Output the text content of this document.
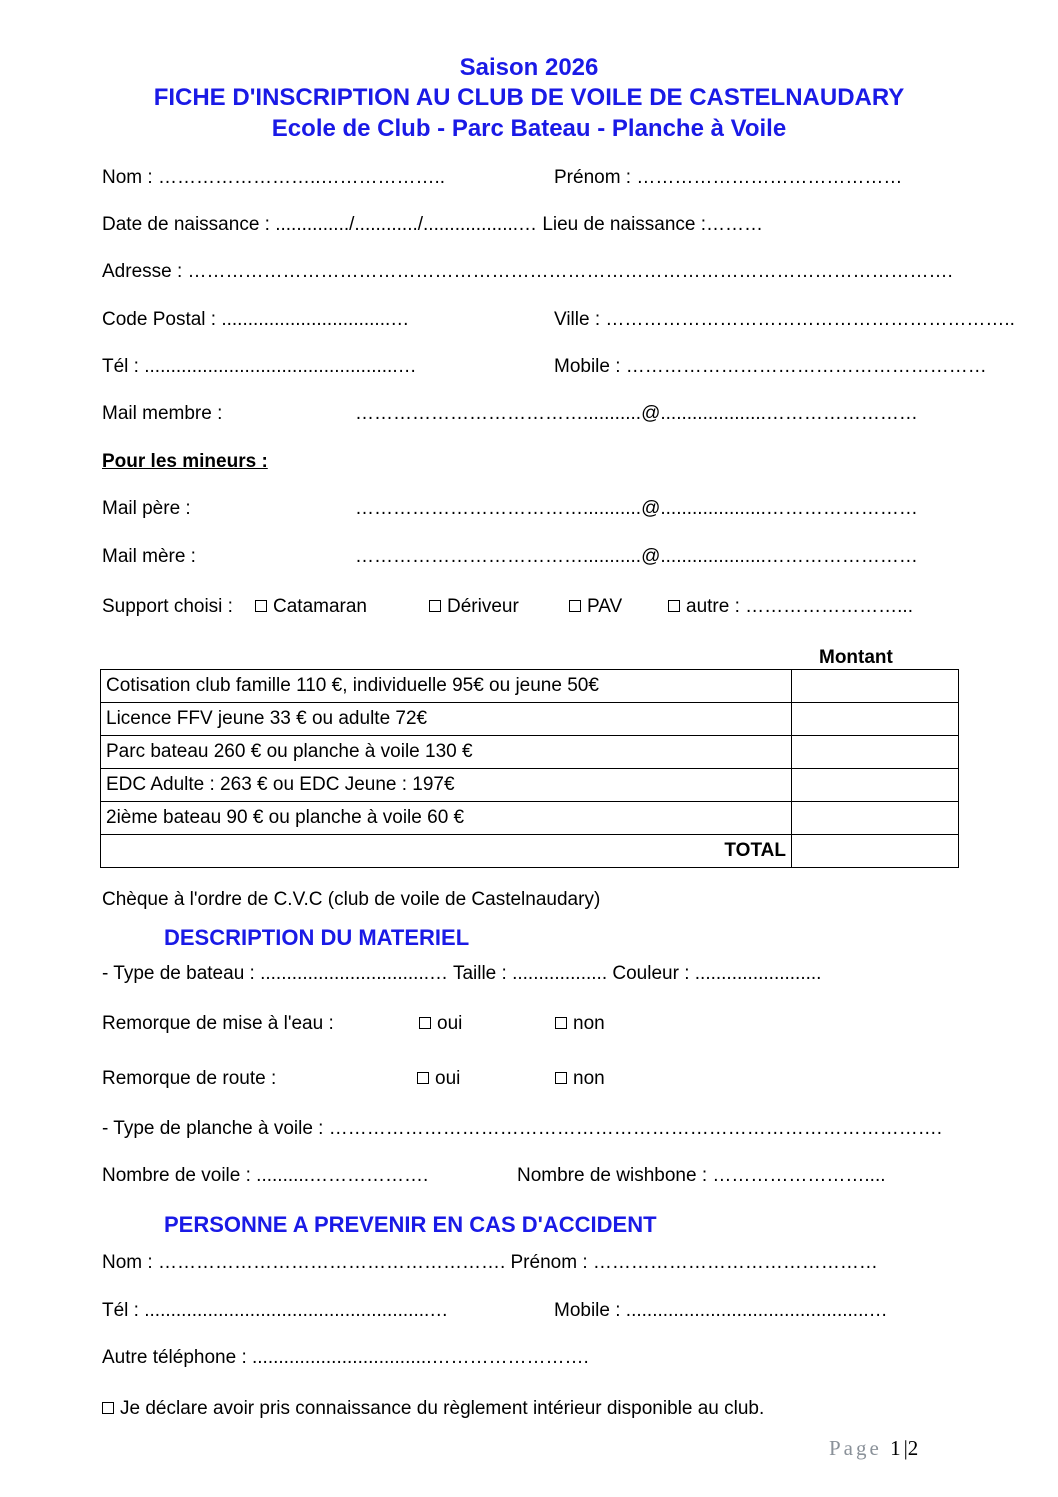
Saison 2026
FICHE D'INSCRIPTION AU CLUB DE VOILE DE CASTELNAUDARY
Ecole de Club - Parc Bateau - Planche à Voile
Nom : ……………………..………………..	Prénom : ……………………………………
Date de naissance : ............../............/..................… Lieu de naissance :………
Adresse : ………………………………………………………………………………………………………….
Code Postal : ................................…	Ville : ………………………………………………………..
Tél : ................................................…	Mobile : …………………………………………………
Mail membre :	………………………………...........@....................……………………
Pour les mineurs :
Mail père :	………………………………...........@....................……………………
Mail mère :	………………………………...........@....................……………………
Support choisi :	Catamaran	Dériveur	PAV	autre : ……………………...
Montant
Cotisation club famille 110 €, individuelle 95€ ou jeune 50€	
Licence FFV jeune 33 € ou adulte 72€	
Parc bateau 260 € ou planche à voile 130 €	
EDC Adulte : 263 € ou EDC Jeune : 197€	
2ième bateau 90 € ou planche à voile 60 €	
TOTAL	
Chèque à l'ordre de C.V.C (club de voile de Castelnaudary)
DESCRIPTION DU MATERIEL
- Type de bateau : ................................… Taille : .................. Couleur : ........................
Remorque de mise à l'eau :	oui	non
Remorque de route :	oui	non
- Type de planche à voile : …………………………………………………………………………………….
Nombre de voile : ..........……………….	Nombre de wishbone : ……………………....
PERSONNE A PREVENIR EN CAS D'ACCIDENT
Nom : ………………………………………………. Prénom : ………………………………………
Tél : ......................................................…	Mobile : ..............................................…
Autre téléphone : ..................................…………………….
Je déclare avoir pris connaissance du règlement intérieur disponible au club.
Page 1|2
